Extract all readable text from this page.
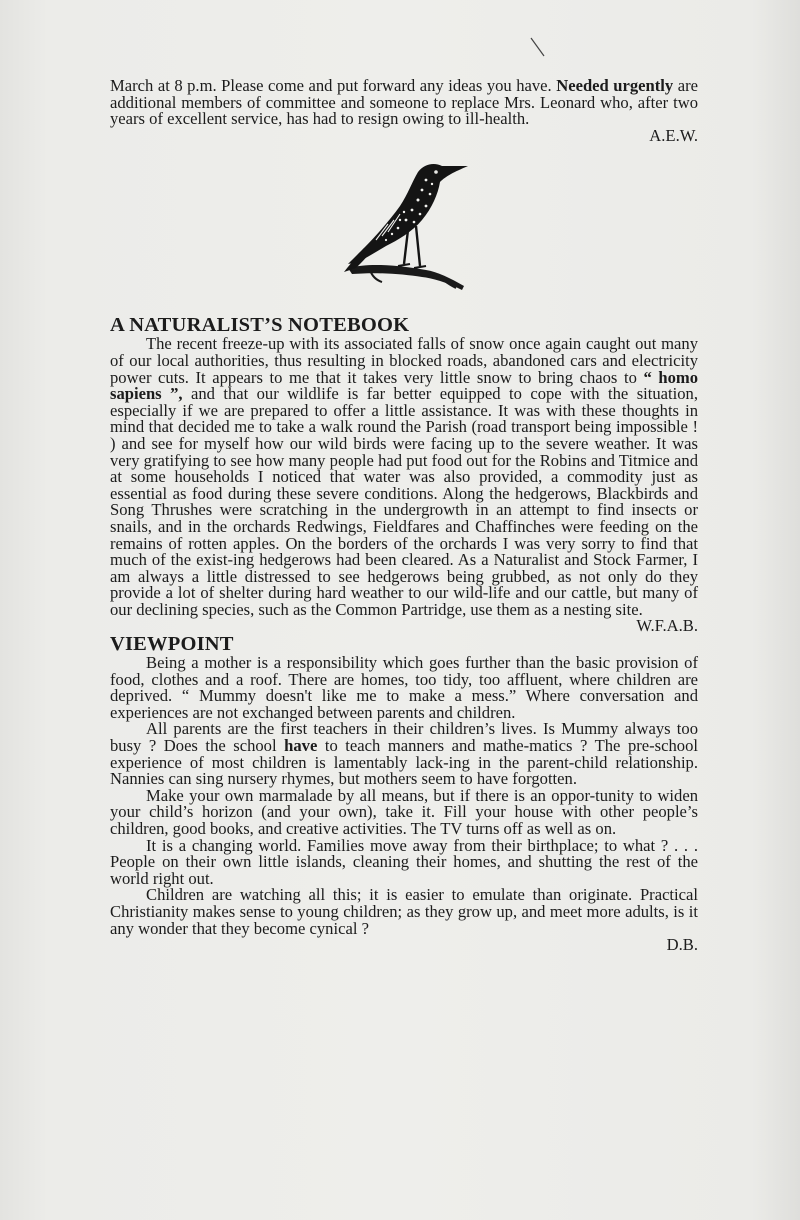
March at 8 p.m. Please come and put forward any ideas you have. Needed urgently are additional members of committee and someone to replace Mrs. Leonard who, after two years of excellent service, has had to resign owing to ill-health.

A.E.W.

A NATURALIST’S NOTEBOOK

The recent freeze-up with its associated falls of snow once again caught out many of our local authorities, thus resulting in blocked roads, abandoned cars and electricity power cuts. It appears to me that it takes very little snow to bring chaos to “ homo sapiens ”, and that our wildlife is far better equipped to cope with the situation, especially if we are prepared to offer a little assistance. It was with these thoughts in mind that decided me to take a walk round the Parish (road transport being impossible ! ) and see for myself how our wild birds were facing up to the severe weather. It was very gratifying to see how many people had put food out for the Robins and Titmice and at some households I noticed that water was also provided, a commodity just as essential as food during these severe conditions. Along the hedgerows, Blackbirds and Song Thrushes were scratching in the undergrowth in an attempt to find insects or snails, and in the orchards Redwings, Fieldfares and Chaffinches were feeding on the remains of rotten apples. On the borders of the orchards I was very sorry to find that much of the exist-ing hedgerows had been cleared. As a Naturalist and Stock Farmer, I am always a little distressed to see hedgerows being grubbed, as not only do they provide a lot of shelter during hard weather to our wild-life and our cattle, but many of our declining species, such as the Common Partridge, use them as a nesting site.

W.F.A.B.

VIEWPOINT

Being a mother is a responsibility which goes further than the basic provision of food, clothes and a roof. There are homes, too tidy, too affluent, where children are deprived. “ Mummy doesn't like me to make a mess.” Where conversation and experiences are not exchanged between parents and children.

All parents are the first teachers in their children’s lives. Is Mummy always too busy ? Does the school have to teach manners and mathe-matics ? The pre-school experience of most children is lamentably lack-ing in the parent-child relationship. Nannies can sing nursery rhymes, but mothers seem to have forgotten.

Make your own marmalade by all means, but if there is an oppor-tunity to widen your child’s horizon (and your own), take it. Fill your house with other people’s children, good books, and creative activities. The TV turns off as well as on.

It is a changing world. Families move away from their birthplace; to what ? . . . People on their own little islands, cleaning their homes, and shutting the rest of the world right out.

Children are watching all this; it is easier to emulate than originate. Practical Christianity makes sense to young children; as they grow up, and meet more adults, is it any wonder that they become cynical ?

D.B.
